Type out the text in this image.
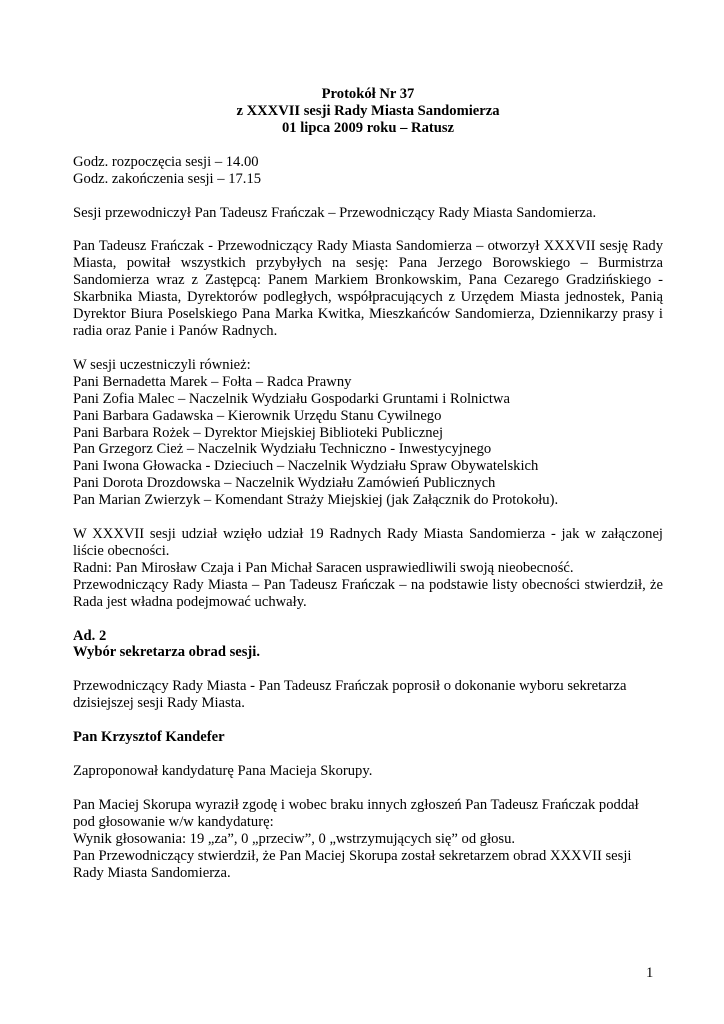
Protokół Nr 37
z XXXVII sesji Rady Miasta Sandomierza
01 lipca 2009 roku – Ratusz
Godz. rozpoczęcia sesji – 14.00
Godz. zakończenia sesji – 17.15

Sesji przewodniczył Pan Tadeusz Frańczak – Przewodniczący Rady Miasta Sandomierza.

Pan Tadeusz Frańczak - Przewodniczący Rady Miasta Sandomierza – otworzył XXXVII sesję Rady Miasta, powitał wszystkich przybyłych na sesję: Pana Jerzego Borowskiego – Burmistrza Sandomierza wraz z Zastępcą: Panem Markiem Bronkowskim, Pana Cezarego Gradzińskiego - Skarbnika Miasta, Dyrektorów podległych, współpracujących z Urzędem Miasta jednostek, Panią Dyrektor Biura Poselskiego Pana Marka Kwitka, Mieszkańców Sandomierza, Dziennikarzy prasy i radia oraz Panie i Panów Radnych.

W sesji uczestniczyli również:
Pani Bernadetta Marek – Fołta – Radca Prawny
Pani Zofia Malec – Naczelnik Wydziału Gospodarki Gruntami i Rolnictwa
Pani Barbara Gadawska – Kierownik Urzędu Stanu Cywilnego
Pani Barbara Rożek – Dyrektor Miejskiej Biblioteki Publicznej
Pan Grzegorz Cież – Naczelnik Wydziału Techniczno - Inwestycyjnego
Pani Iwona Głowacka - Dzieciuch – Naczelnik Wydziału Spraw Obywatelskich
Pani Dorota Drozdowska – Naczelnik Wydziału Zamówień Publicznych
Pan Marian Zwierzyk – Komendant Straży Miejskiej (jak Załącznik do Protokołu).

W XXXVII sesji udział wzięło udział 19 Radnych Rady Miasta Sandomierza - jak w załączonej liście obecności.

Radni: Pan Mirosław Czaja i Pan Michał Saracen usprawiedliwili swoją nieobecność.

Przewodniczący Rady Miasta – Pan Tadeusz Frańczak – na podstawie listy obecności stwierdził, że Rada jest władna podejmować uchwały.

Ad. 2
Wybór sekretarza obrad sesji.

Przewodniczący Rady Miasta - Pan Tadeusz Frańczak poprosił o dokonanie wyboru sekretarza dzisiejszej sesji Rady Miasta.

Pan Krzysztof Kandefer

Zaproponował kandydaturę Pana Macieja Skorupy.

Pan Maciej Skorupa wyraził zgodę i wobec braku innych zgłoszeń Pan Tadeusz Frańczak poddał pod głosowanie w/w kandydaturę:

Wynik głosowania: 19 „za”, 0 „przeciw”, 0 „wstrzymujących się” od głosu.

Pan Przewodniczący stwierdził, że Pan Maciej Skorupa został sekretarzem obrad XXXVII sesji Rady Miasta Sandomierza.

1
